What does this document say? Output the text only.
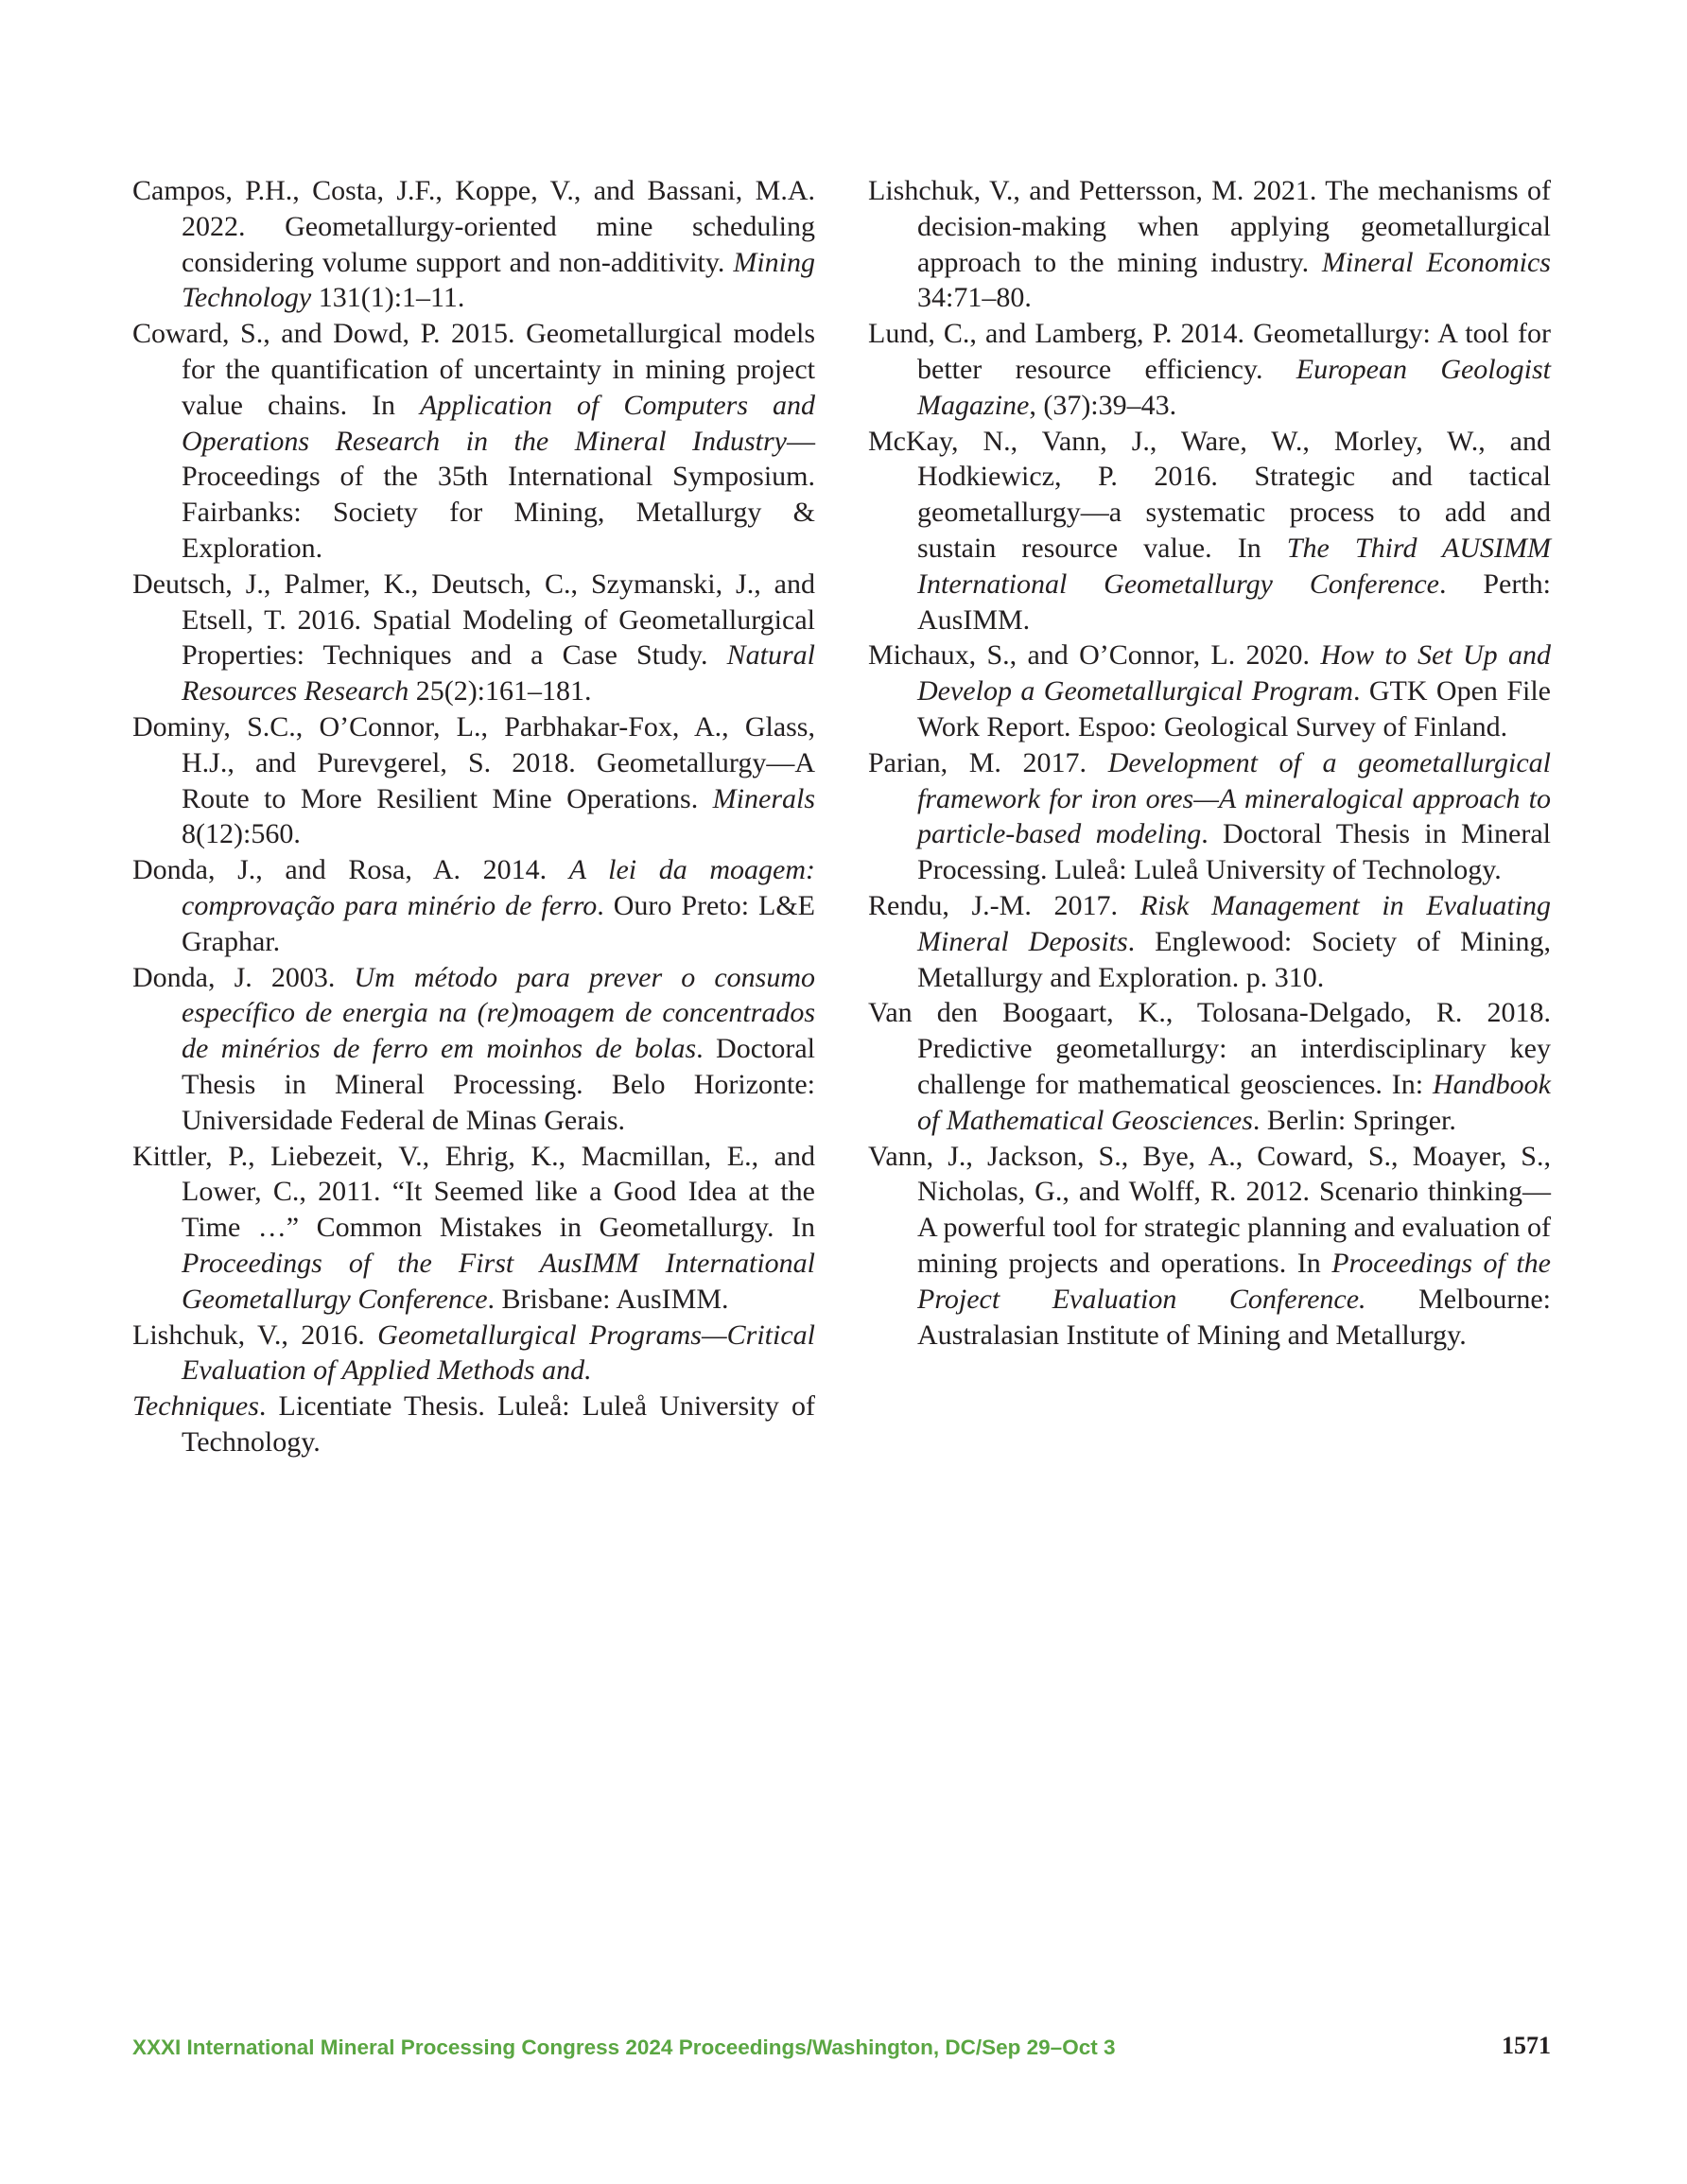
Campos, P.H., Costa, J.F., Koppe, V., and Bassani, M.A. 2022. Geometallurgy-oriented mine scheduling considering volume support and non-additivity. Mining Technology 131(1):1–11.

Coward, S., and Dowd, P. 2015. Geometallurgical models for the quantification of uncertainty in mining project value chains. In Application of Computers and Operations Research in the Mineral Industry—Proceedings of the 35th International Symposium. Fairbanks: Society for Mining, Metallurgy & Exploration.

Deutsch, J., Palmer, K., Deutsch, C., Szymanski, J., and Etsell, T. 2016. Spatial Modeling of Geometallurgical Properties: Techniques and a Case Study. Natural Resources Research 25(2):161–181.

Dominy, S.C., O’Connor, L., Parbhakar-Fox, A., Glass, H.J., and Purevgerel, S. 2018. Geometallurgy—A Route to More Resilient Mine Operations. Minerals 8(12):560.

Donda, J., and Rosa, A. 2014. A lei da moagem: comprovação para minério de ferro. Ouro Preto: L&E Graphar.

Donda, J. 2003. Um método para prever o consumo específico de energia na (re)moagem de concentrados de minérios de ferro em moinhos de bolas. Doctoral Thesis in Mineral Processing. Belo Horizonte: Universidade Federal de Minas Gerais.

Kittler, P., Liebezeit, V., Ehrig, K., Macmillan, E., and Lower, C., 2011. “It Seemed like a Good Idea at the Time …” Common Mistakes in Geometallurgy. In Proceedings of the First AusIMM International Geometallurgy Conference. Brisbane: AusIMM.

Lishchuk, V., 2016. Geometallurgical Programs—Critical Evaluation of Applied Methods and.

Techniques. Licentiate Thesis. Luleå: Luleå University of Technology.

Lishchuk, V., and Pettersson, M. 2021. The mechanisms of decision-making when applying geometallurgical approach to the mining industry. Mineral Economics 34:71–80.

Lund, C., and Lamberg, P. 2014. Geometallurgy: A tool for better resource efficiency. European Geologist Magazine, (37):39–43.

McKay, N., Vann, J., Ware, W., Morley, W., and Hodkiewicz, P. 2016. Strategic and tactical geometallurgy—a systematic process to add and sustain resource value. In The Third AUSIMM International Geometallurgy Conference. Perth: AusIMM.

Michaux, S., and O’Connor, L. 2020. How to Set Up and Develop a Geometallurgical Program. GTK Open File Work Report. Espoo: Geological Survey of Finland.

Parian, M. 2017. Development of a geometallurgical framework for iron ores—A mineralogical approach to particle-based modeling. Doctoral Thesis in Mineral Processing. Luleå: Luleå University of Technology.

Rendu, J.-M. 2017. Risk Management in Evaluating Mineral Deposits. Englewood: Society of Mining, Metallurgy and Exploration. p. 310.

Van den Boogaart, K., Tolosana-Delgado, R. 2018. Predictive geometallurgy: an interdisciplinary key challenge for mathematical geosciences. In: Handbook of Mathematical Geosciences. Berlin: Springer.

Vann, J., Jackson, S., Bye, A., Coward, S., Moayer, S., Nicholas, G., and Wolff, R. 2012. Scenario thinking—A powerful tool for strategic planning and evaluation of mining projects and operations. In Proceedings of the Project Evaluation Conference. Melbourne: Australasian Institute of Mining and Metallurgy.

XXXI International Mineral Processing Congress 2024 Proceedings/Washington, DC/Sep 29–Oct 3	1571
